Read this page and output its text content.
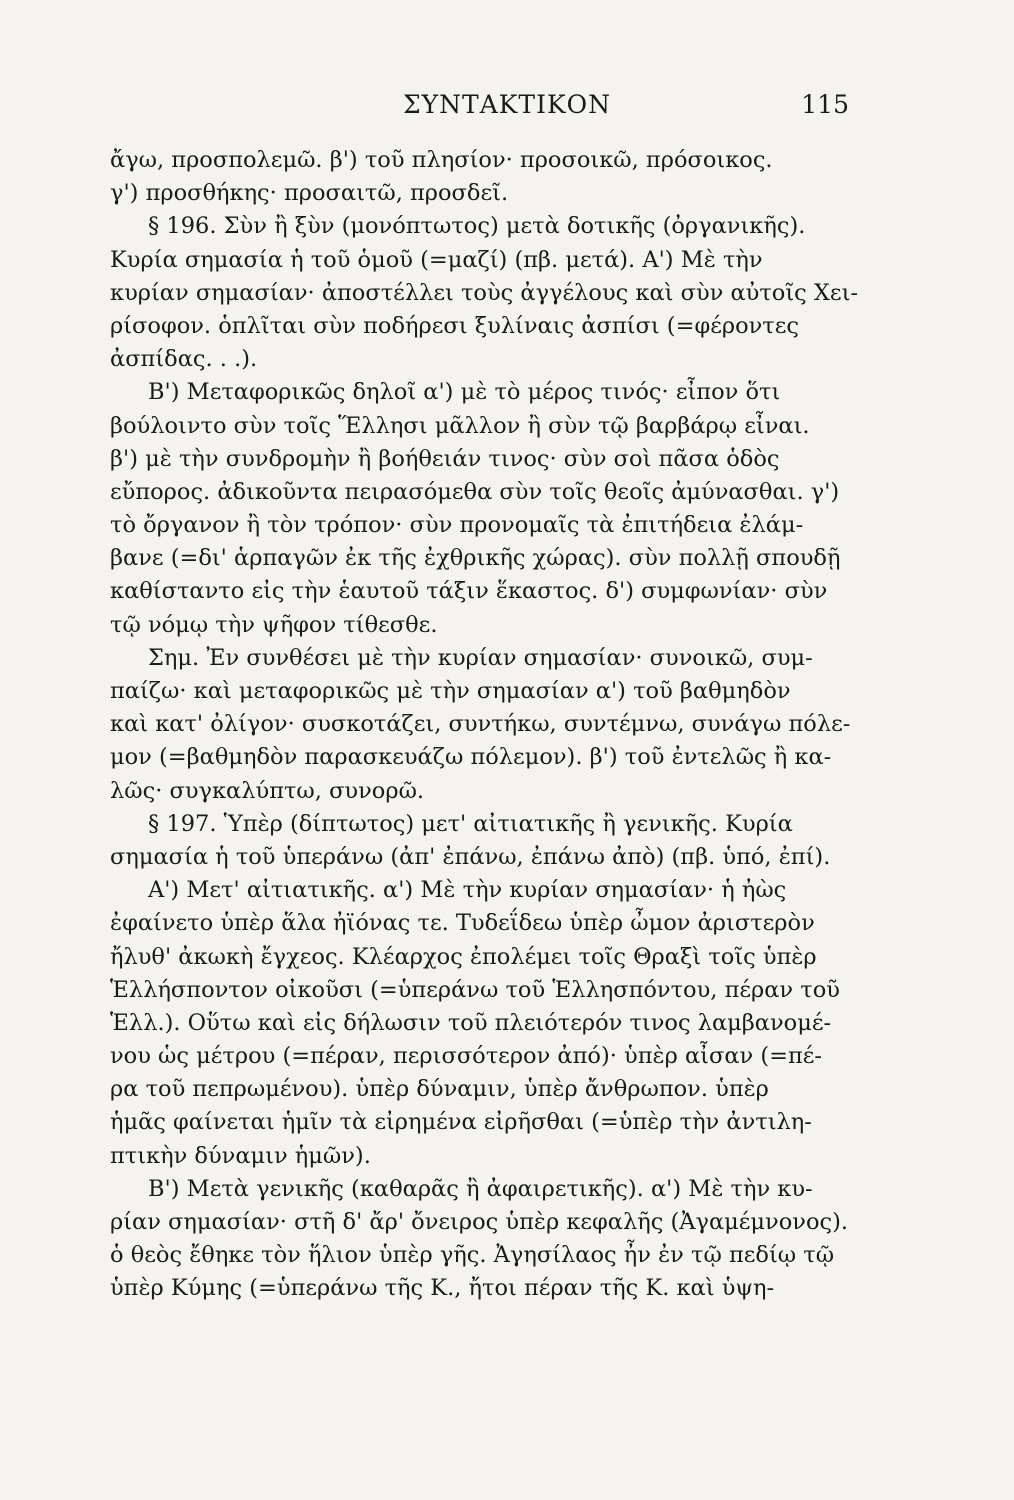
ΣΥΝΤΑΚΤΙΚΟΝ	115
ἄγω, προσπολεμῶ. β') τοῦ πλησίον· προσοικῶ, πρόσοικος.
γ') προσθήκης· προσαιτῶ, προσδεῖ.
§ 196. Σὺν ἢ ξὺν (μονόπτωτος) μετὰ δοτικῆς (ὀργανικῆς).
Κυρία σημασία ἡ τοῦ ὁμοῦ (=μαζί) (πβ. μετά). Α') Μὲ τὴν
κυρίαν σημασίαν· ἀποστέλλει τοὺς ἀγγέλους καὶ σὺν αὐτοῖς Χει-
ρίσοφον. ὁπλῖται σὺν ποδήρεσι ξυλίναις ἀσπίσι (=φέροντες
ἀσπίδας. . .).
Β') Μεταφορικῶς δηλοῖ α') μὲ τὸ μέρος τινός· εἶπον ὅτι
βούλοιντο σὺν τοῖς Ἕλλησι μᾶλλον ἢ σὺν τῷ βαρβάρῳ εἶναι.
β') μὲ τὴν συνδρομὴν ἢ βοήθειάν τινος· σὺν σοὶ πᾶσα ὁδὸς
εὔπορος. ἀδικοῦντα πειρασόμεθα σὺν τοῖς θεοῖς ἀμύνασθαι. γ')
τὸ ὄργανον ἢ τὸν τρόπον· σὺν προνομαῖς τὰ ἐπιτήδεια ἐλάμ-
βανε (=δι' ἁρπαγῶν ἐκ τῆς ἐχθρικῆς χώρας). σὺν πολλῇ σπουδῇ
καθίσταντο εἰς τὴν ἑαυτοῦ τάξιν ἕκαστος. δ') συμφωνίαν· σὺν
τῷ νόμῳ τὴν ψῆφον τίθεσθε.
Σημ. Ἐν συνθέσει μὲ τὴν κυρίαν σημασίαν· συνοικῶ, συμ-
παίζω· καὶ μεταφορικῶς μὲ τὴν σημασίαν α') τοῦ βαθμηδὸν
καὶ κατ' ὀλίγον· συσκοτάζει, συντήκω, συντέμνω, συνάγω πόλε-
μον (=βαθμηδὸν παρασκευάζω πόλεμον). β') τοῦ ἐντελῶς ἢ κα-
λῶς· συγκαλύπτω, συνορῶ.
§ 197. Ὑπὲρ (δίπτωτος) μετ' αἰτιατικῆς ἢ γενικῆς. Κυρία
σημασία ἡ τοῦ ὑπεράνω (ἀπ' ἐπάνω, ἐπάνω ἀπὸ) (πβ. ὑπό, ἐπί).
Α') Μετ' αἰτιατικῆς. α') Μὲ τὴν κυρίαν σημασίαν· ἡ ἠὼς
ἐφαίνετο ὑπὲρ ἅλα ἠϊόνας τε. Τυδεΐδεω ὑπὲρ ὦμον ἀριστερὸν
ἤλυθ' ἀκωκὴ ἔγχεος. Κλέαρχος ἐπολέμει τοῖς Θραξὶ τοῖς ὑπὲρ
Ἑλλήσποντον οἰκοῦσι (=ὑπεράνω τοῦ Ἑλλησπόντου, πέραν τοῦ
Ἑλλ.). Οὕτω καὶ εἰς δήλωσιν τοῦ πλειότερόν τινος λαμβανομέ-
νου ὡς μέτρου (=πέραν, περισσότερον ἀπό)· ὑπὲρ αἶσαν (=πέ-
ρα τοῦ πεπρωμένου). ὑπὲρ δύναμιν, ὑπὲρ ἄνθρωπον. ὑπὲρ
ἡμᾶς φαίνεται ἡμῖν τὰ εἰρημένα εἰρῆσθαι (=ὑπὲρ τὴν ἀντιλη-
πτικὴν δύναμιν ἡμῶν).
Β') Μετὰ γενικῆς (καθαρᾶς ἢ ἀφαιρετικῆς). α') Μὲ τὴν κυ-
ρίαν σημασίαν· στῆ δ' ἄρ' ὄνειρος ὑπὲρ κεφαλῆς (Ἀγαμέμνονος).
ὁ θεὸς ἔθηκε τὸν ἥλιον ὑπὲρ γῆς. Ἀγησίλαος ἦν ἐν τῷ πεδίῳ τῷ
ὑπὲρ Κύμης (=ὑπεράνω τῆς Κ., ἤτοι πέραν τῆς Κ. καὶ ὑψη-
